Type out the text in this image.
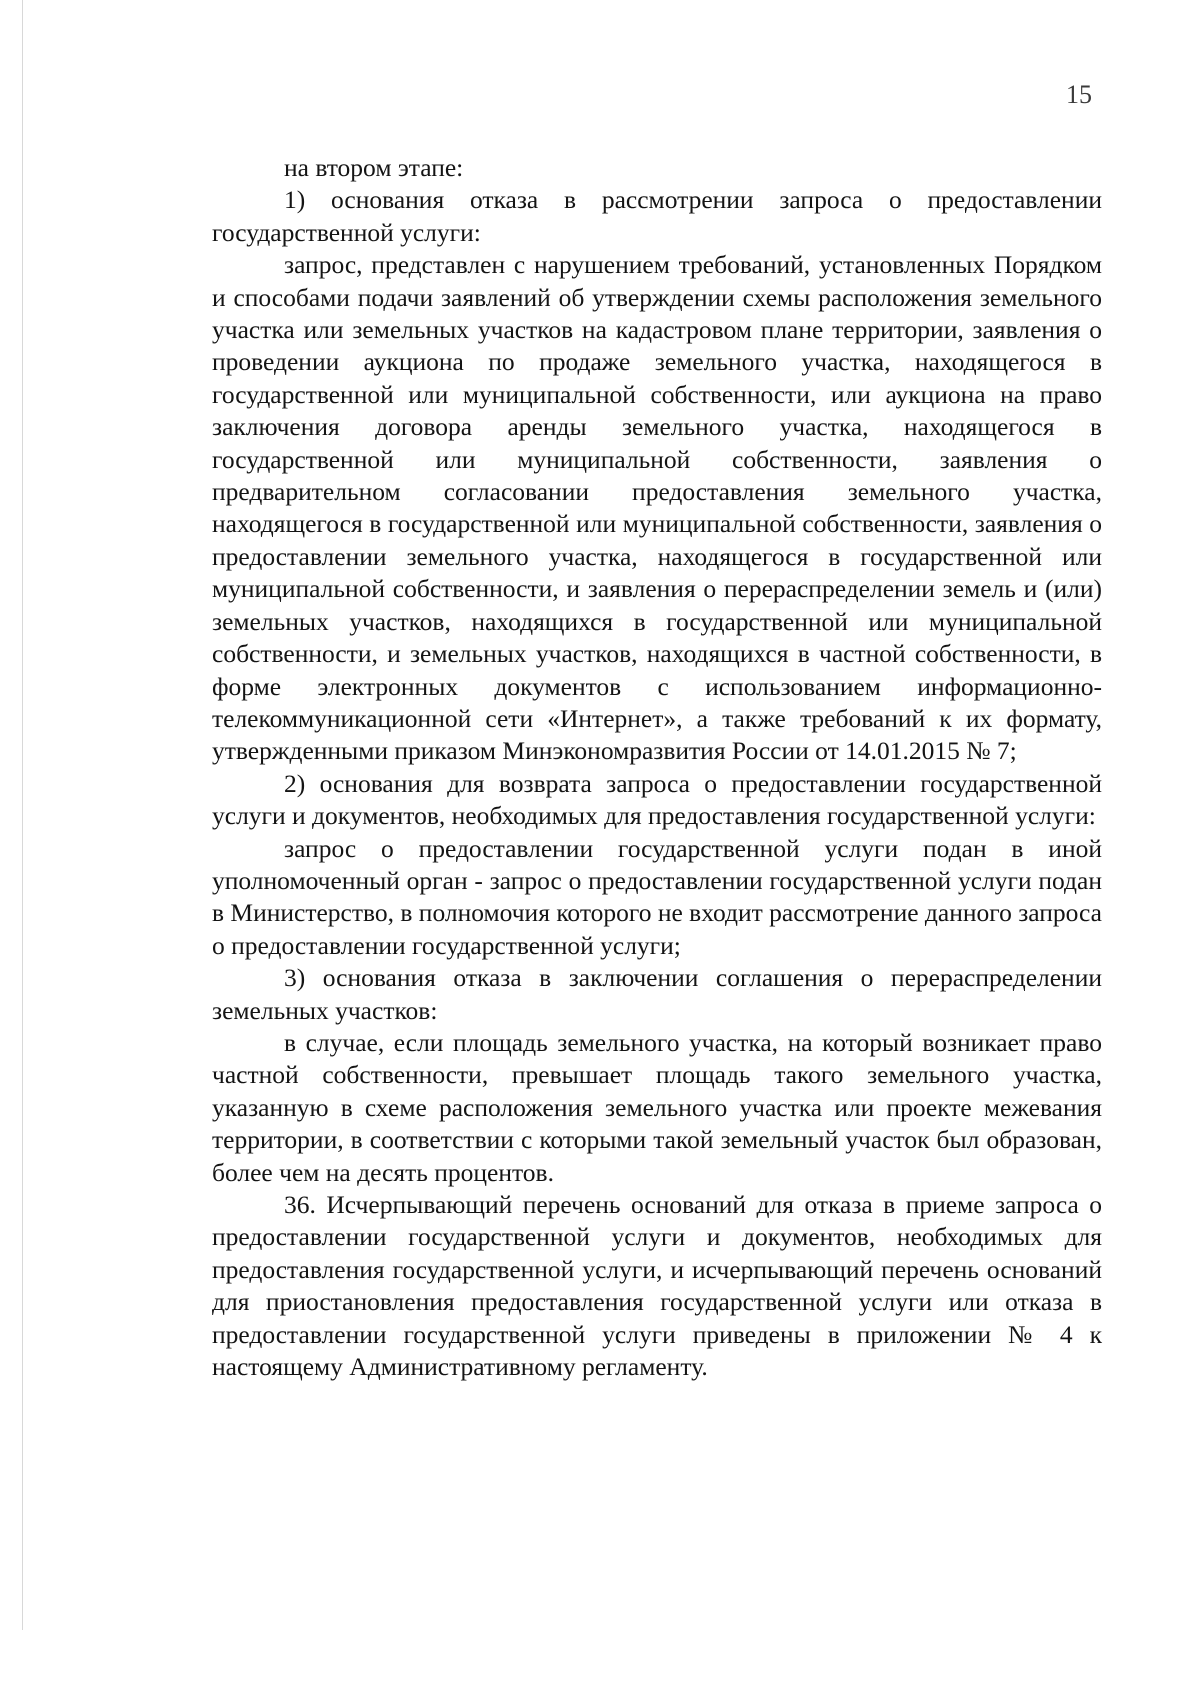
15

на втором этапе:

1) основания отказа в рассмотрении запроса о предоставлении государственной услуги:

запрос, представлен с нарушением требований, установленных Порядком и способами подачи заявлений об утверждении схемы расположения земельного участка или земельных участков на кадастровом плане территории, заявления о проведении аукциона по продаже земельного участка, находящегося в государственной или муниципальной собственности, или аукциона на право заключения договора аренды земельного участка, находящегося в государственной или муниципальной собственности, заявления о предварительном согласовании предоставления земельного участка, находящегося в государственной или муниципальной собственности, заявления о предоставлении земельного участка, находящегося в государственной или муниципальной собственности, и заявления о перераспределении земель и (или) земельных участков, находящихся в государственной или муниципальной собственности, и земельных участков, находящихся в частной собственности, в форме электронных документов с использованием информационно-телекоммуникационной сети «Интернет», а также требований к их формату, утвержденными приказом Минэкономразвития России от 14.01.2015 № 7;

2) основания для возврата запроса о предоставлении государственной услуги и документов, необходимых для предоставления государственной услуги:

запрос о предоставлении государственной услуги подан в иной уполномоченный орган - запрос о предоставлении государственной услуги подан в Министерство, в полномочия которого не входит рассмотрение данного запроса о предоставлении государственной услуги;

3) основания отказа в заключении соглашения о перераспределении земельных участков:

в случае, если площадь земельного участка, на который возникает право частной собственности, превышает площадь такого земельного участка, указанную в схеме расположения земельного участка или проекте межевания территории, в соответствии с которыми такой земельный участок был образован, более чем на десять процентов.

36. Исчерпывающий перечень оснований для отказа в приеме запроса о предоставлении государственной услуги и документов, необходимых для предоставления государственной услуги, и исчерпывающий перечень оснований для приостановления предоставления государственной услуги или отказа в предоставлении государственной услуги приведены в приложении № 4 к настоящему Административному регламенту.
